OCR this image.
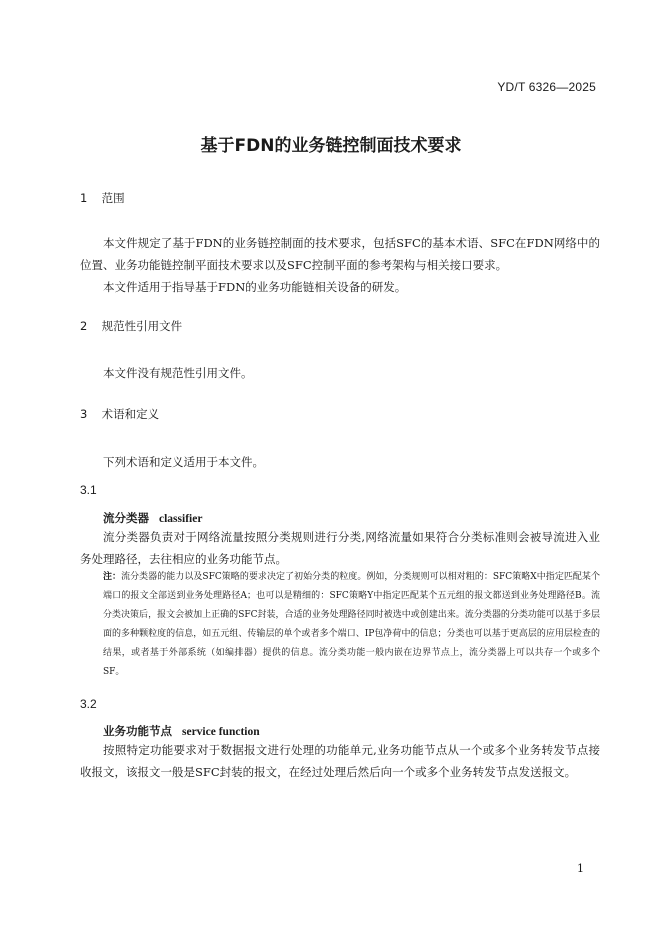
YD/T 6326—2025
基于FDN的业务链控制面技术要求
1 范围
本文件规定了基于FDN的业务链控制面的技术要求，包括SFC的基本术语、SFC在FDN网络中的位置、业务功能链控制平面技术要求以及SFC控制平面的参考架构与相关接口要求。
本文件适用于指导基于FDN的业务功能链相关设备的研发。
2 规范性引用文件
本文件没有规范性引用文件。
3 术语和定义
下列术语和定义适用于本文件。
3.1
流分类器 classifier
流分类器负责对于网络流量按照分类规则进行分类,网络流量如果符合分类标准则会被导流进入业务处理路径，去往相应的业务功能节点。
注：流分类器的能力以及SFC策略的要求决定了初始分类的粒度。例如，分类规则可以相对粗的：SFC策略X中指定匹配某个端口的报文全部送到业务处理路径A；也可以是精细的：SFC策略Y中指定匹配某个五元组的报文都送到业务处理路径B。流分类决策后，报文会被加上正确的SFC封装，合适的业务处理路径同时被选中或创建出来。流分类器的分类功能可以基于多层面的多种颗粒度的信息，如五元组、传输层的单个或者多个端口、IP包净荷中的信息；分类也可以基于更高层的应用层检查的结果，或者基于外部系统（如编排器）提供的信息。流分类功能一般内嵌在边界节点上，流分类器上可以共存一个或多个SF。
3.2
业务功能节点 service function
按照特定功能要求对于数据报文进行处理的功能单元,业务功能节点从一个或多个业务转发节点接收报文，该报文一般是SFC封装的报文，在经过处理后然后向一个或多个业务转发节点发送报文。
1
